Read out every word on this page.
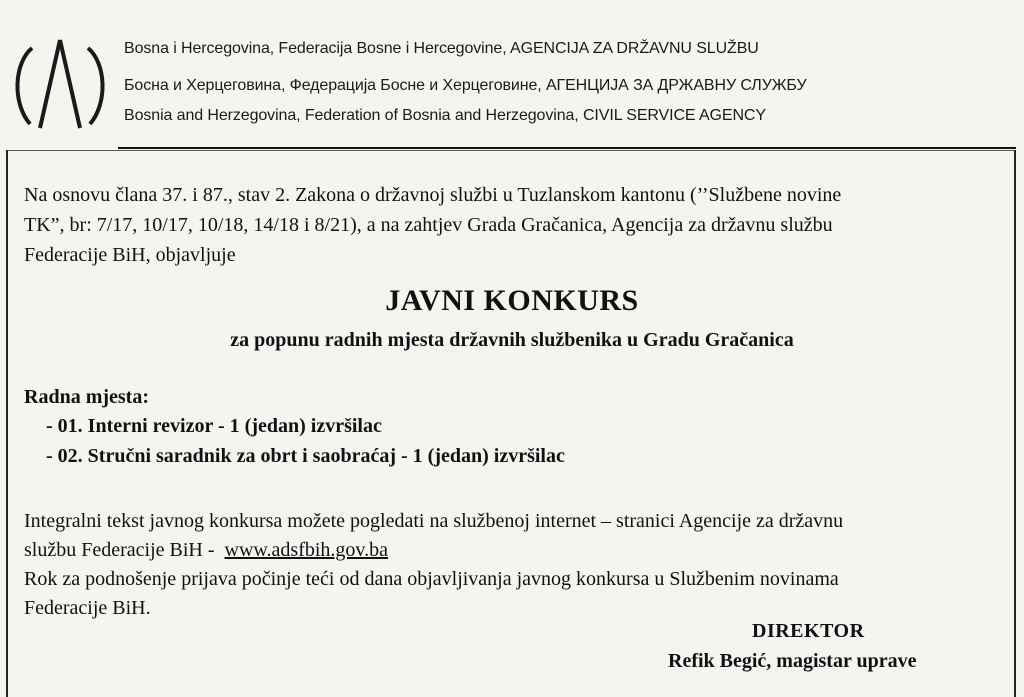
Bosna i Hercegovina, Federacija Bosne i Hercegovine, AGENCIJA ZA DRŽAVNU SLUŽBU
Босна и Херцеговина, Федерација Босне и Херцеговине, АГЕНЦИЈА ЗА ДРЖАВНУ СЛУЖБУ
Bosnia and Herzegovina, Federation of Bosnia and Herzegovina, CIVIL SERVICE AGENCY
Na osnovu člana 37. i 87., stav 2. Zakona o državnoj službi u Tuzlanskom kantonu (’’Službene novine
TK”, br: 7/17, 10/17, 10/18, 14/18 i 8/21), a na zahtjev Grada Gračanica, Agencija za državnu službu
Federacije BiH, objavljuje
JAVNI KONKURS
za popunu radnih mjesta državnih službenika u Gradu Gračanica
Radna mjesta:
- 01. Interni revizor - 1 (jedan) izvršilac
- 02. Stručni saradnik za obrt i saobraćaj - 1 (jedan) izvršilac
Integralni tekst javnog konkursa možete pogledati na službenoj internet – stranici Agencije za državnu
službu Federacije BiH -  www.adsfbih.gov.ba
Rok za podnošenje prijava počinje teći od dana objavljivanja javnog konkursa u Službenim novinama
Federacije BiH.
DIREKTOR
Refik Begić, magistar uprave
